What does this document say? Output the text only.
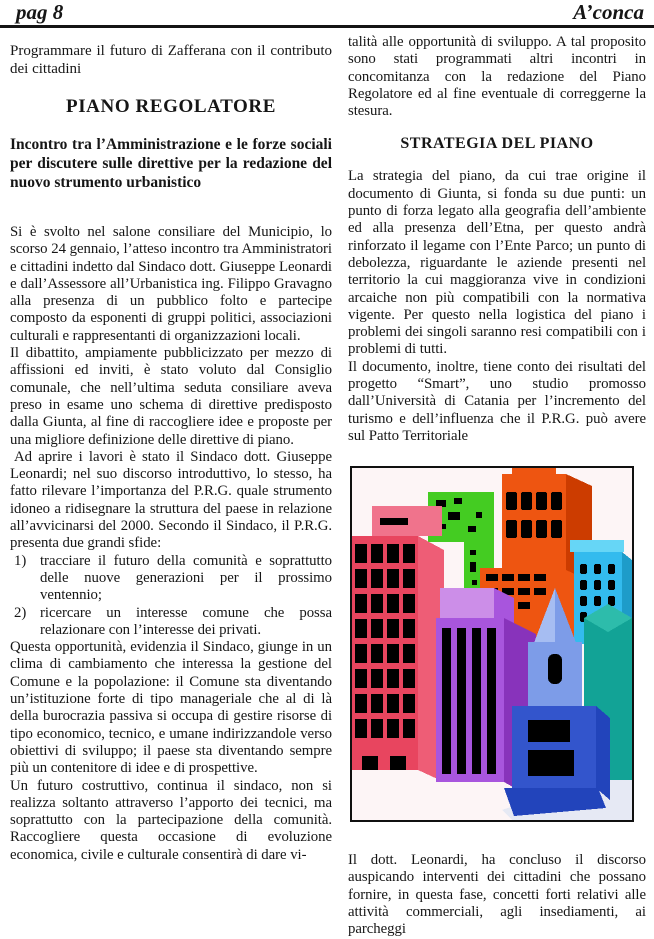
pag 8	A’conca

Programmare il futuro di Zafferana con il contributo dei cittadini

PIANO REGOLATORE
Incontro tra l’Amministrazione e le forze sociali per discutere sulle direttive per la redazione del nuovo strumento urbanistico

Si è svolto nel salone consiliare del Municipio, lo scorso 24 gennaio, l’atteso incontro tra Amministratori e cittadini indetto dal Sindaco dott. Giuseppe Leonardi e dall’Assessore all’Urbanistica ing. Filippo Gravagno alla presenza di un pubblico folto e partecipe composto da esponenti di gruppi politici, associazioni culturali e rappresentanti di organizzazioni locali.

Il dibattito, ampiamente pubblicizzato per mezzo di affissioni ed inviti, è stato voluto dal Consiglio comunale, che nell’ultima seduta consiliare aveva preso in esame uno schema di direttive predisposto dalla Giunta, al fine di raccogliere idee e proposte per una migliore definizione delle direttive di piano.

Ad aprire i lavori è stato il Sindaco dott. Giuseppe Leonardi; nel suo discorso introduttivo, lo stesso, ha fatto rilevare l’importanza del P.R.G. quale strumento idoneo a ridisegnare la struttura del paese in relazione all’avvicinarsi del 2000. Secondo il Sindaco, il P.R.G. presenta due grandi sfide:

1) tracciare il futuro della comunità e soprattutto delle nuove generazioni per il prossimo ventennio;
2) ricercare un interesse comune che possa relazionare con l’interesse dei privati.

Questa opportunità, evidenzia il Sindaco, giunge in un clima di cambiamento che interessa la gestione del Comune e la popolazione: il Comune sta diventando un’istituzione forte di tipo manageriale che al di là della burocrazia passiva si occupa di gestire risorse di tipo economico, tecnico, e umane indirizzandole verso obiettivi di sviluppo; il paese sta diventando sempre più un contenitore di idee e di prospettive.

Un futuro costruttivo, continua il sindaco, non si realizza soltanto attraverso l’apporto dei tecnici, ma soprattutto con la partecipazione della comunità. Raccogliere questa occasione di evoluzione economica, civile e culturale consentirà di dare vi-

talità alle opportunità di sviluppo. A tal proposito sono stati programmati altri incontri in concomitanza con la redazione del Piano Regolatore ed al fine eventuale di correggerne la stesura.

STRATEGIA DEL PIANO

La strategia del piano, da cui trae origine il documento di Giunta, si fonda su due punti: un punto di forza legato alla geografia dell’ambiente ed alla presenza dell’Etna, per questo andrà rinforzato il legame con l’Ente Parco; un punto di debolezza, riguardante le aziende presenti nel territorio la cui maggioranza vive in condizioni arcaiche non più compatibili con la normativa vigente. Per questo nella logistica del piano i problemi dei singoli saranno resi compatibili con i problemi di tutti.

Il documento, inoltre, tiene conto dei risultati del progetto “Smart”, uno studio promosso dall’Università di Catania per l’incremento del turismo e dell’influenza che il P.R.G. può avere sul Patto Territoriale

Il dott. Leonardi, ha concluso il discorso auspicando interventi dei cittadini che possano fornire, in questa fase, concetti forti relativi alle attività commerciali, agli insediamenti, ai parcheggi
